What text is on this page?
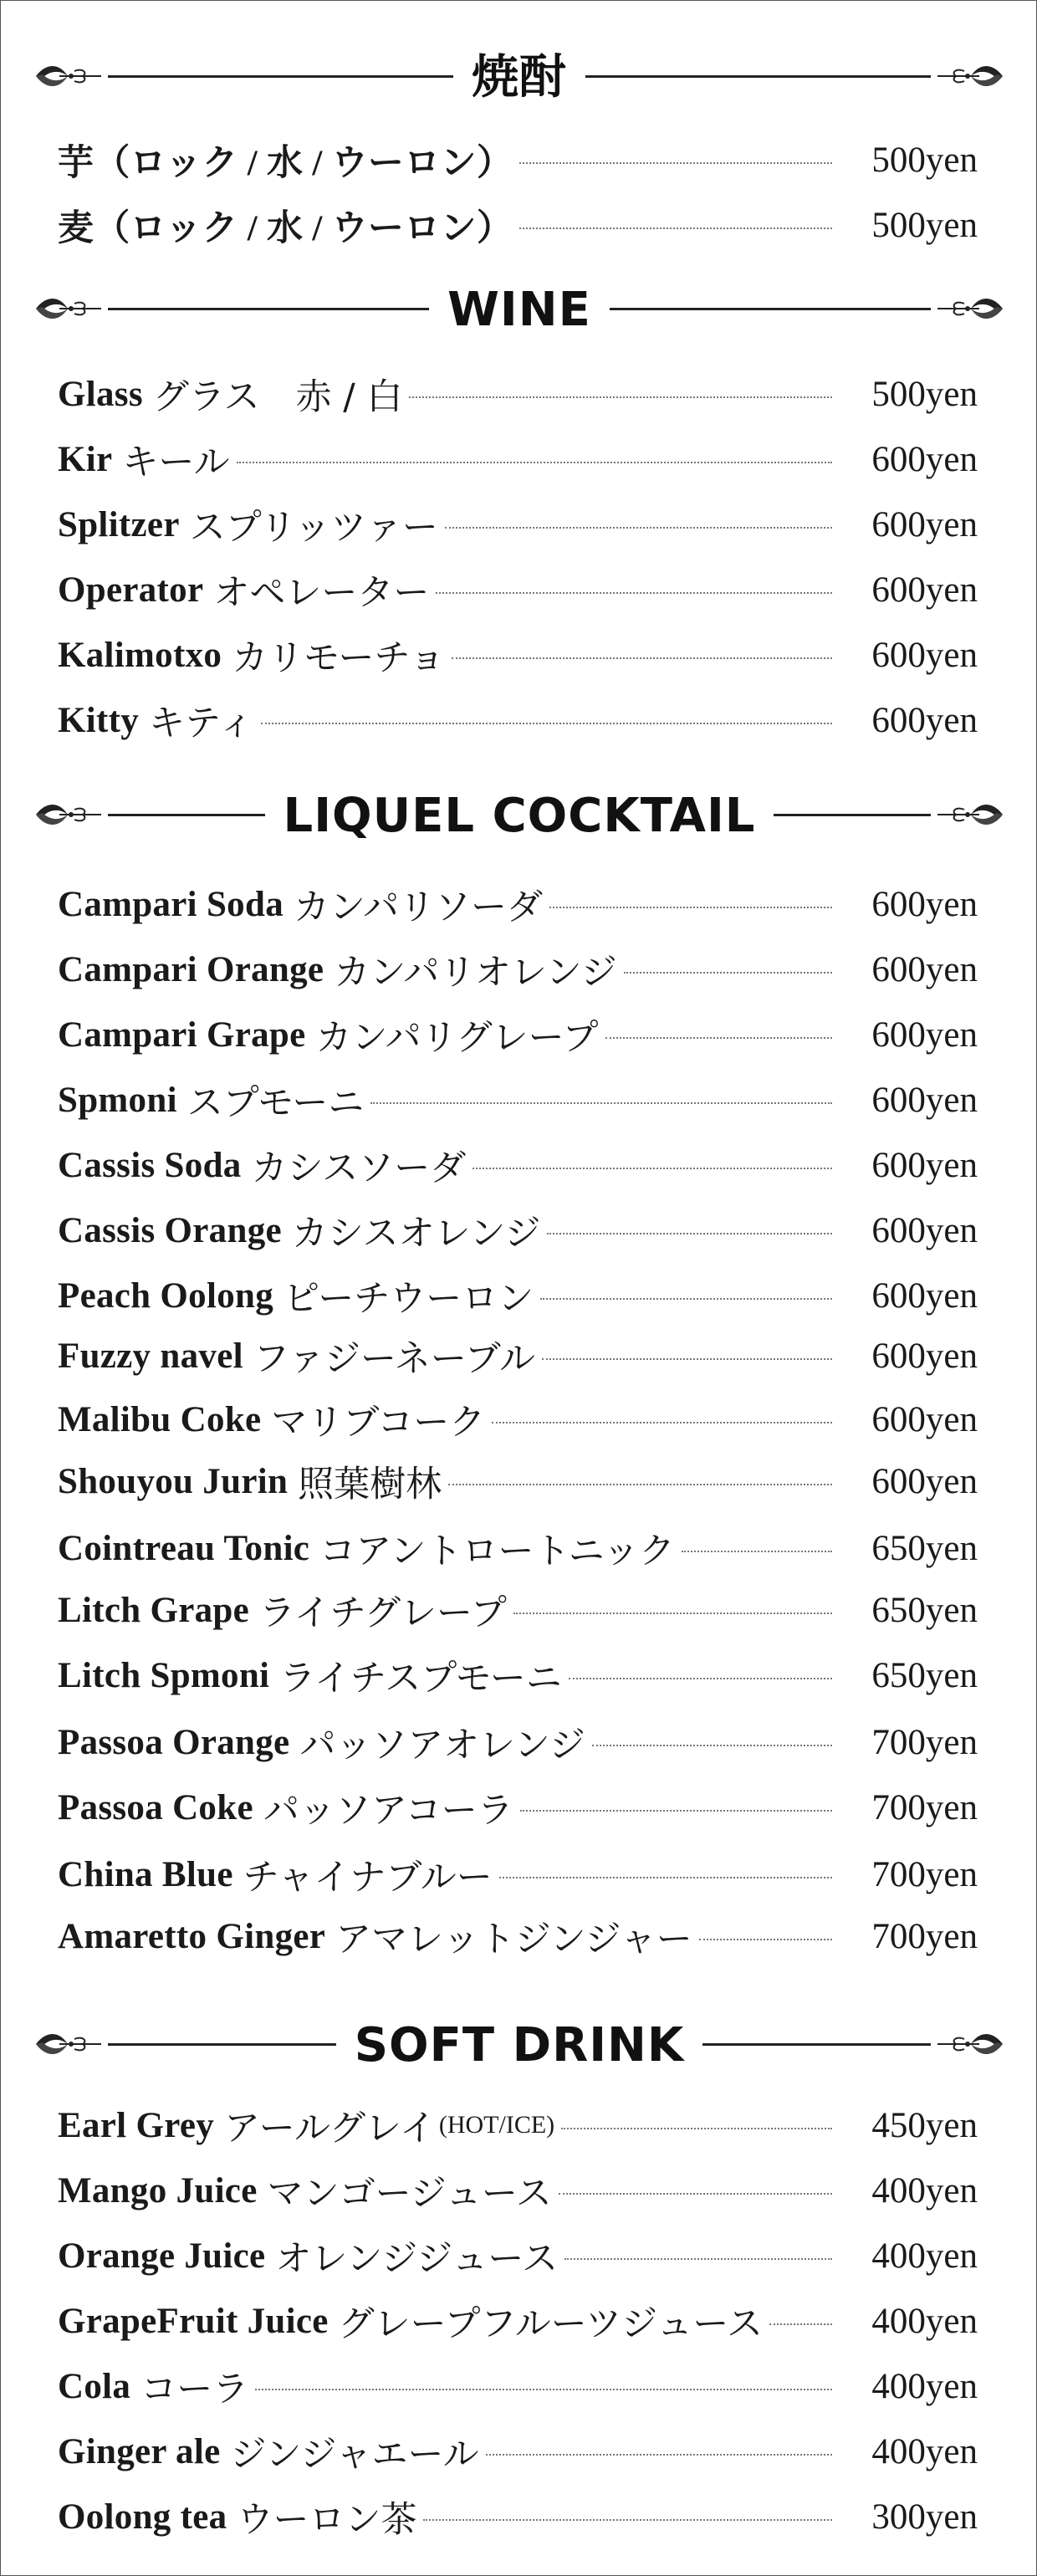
焼酎
芋（ロック / 水 / ウーロン）	500yen
麦（ロック / 水 / ウーロン）	500yen
WINE
Glass グラス　赤 / 白	500yen
Kir キール	600yen
Splitzer スプリッツァー	600yen
Operator オペレーター	600yen
Kalimotxo カリモーチョ	600yen
Kitty キティ	600yen
LIQUEL COCKTAIL
Campari Soda カンパリソーダ	600yen
Campari Orange カンパリオレンジ	600yen
Campari Grape カンパリグレープ	600yen
Spmoni スプモーニ	600yen
Cassis Soda カシスソーダ	600yen
Cassis Orange カシスオレンジ	600yen
Peach Oolong ピーチウーロン	600yen
Fuzzy navel ファジーネーブル	600yen
Malibu Coke マリブコーク	600yen
Shouyou Jurin 照葉樹林	600yen
Cointreau Tonic コアントロートニック	650yen
Litch Grape ライチグレープ	650yen
Litch Spmoni ライチスプモーニ	650yen
Passoa Orange パッソアオレンジ	700yen
Passoa Coke パッソアコーラ	700yen
China Blue チャイナブルー	700yen
Amaretto Ginger アマレットジンジャー	700yen
SOFT DRINK
Earl Grey アールグレイ (HOT/ICE)	450yen
Mango Juice マンゴージュース	400yen
Orange Juice オレンジジュース	400yen
GrapeFruit Juice グレープフルーツジュース	400yen
Cola コーラ	400yen
Ginger ale ジンジャエール	400yen
Oolong tea ウーロン茶	300yen
